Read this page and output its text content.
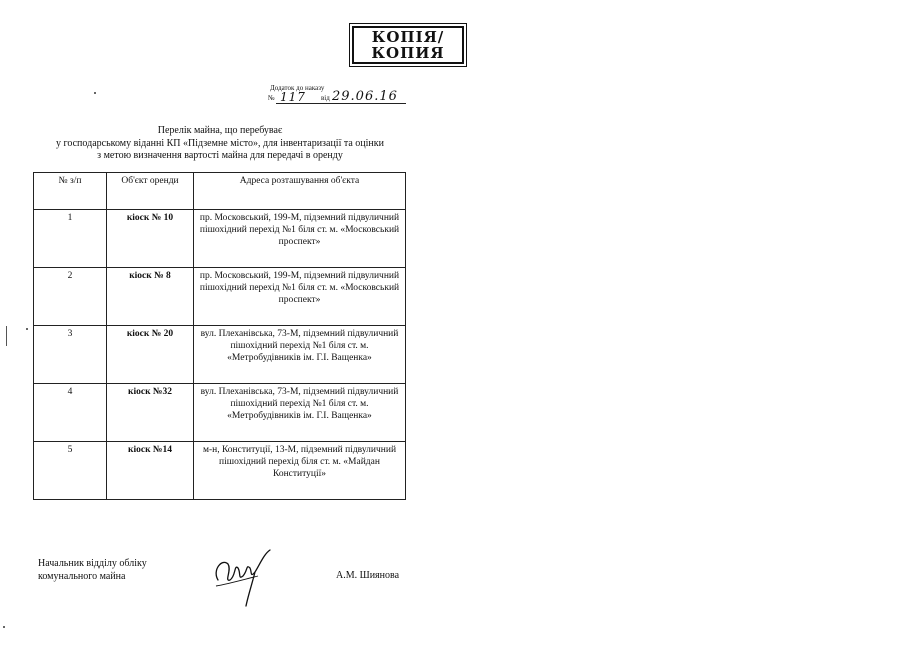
КОПІЯ/
КОПИЯ
Додаток до наказу
№ 117 від 29.06.16
Перелік майна, що перебуває
у господарському віданні КП «Підземне місто», для інвентаризації та оцінки
з метою визначення вартості майна для передачі в оренду
№ з/п	Об'єкт оренди	Адреса розташування об'єкта
1	кіоск № 10	пр. Московський, 199-М, підземний підвуличний пішохідний перехід №1 біля ст. м. «Московський проспект»
2	кіоск № 8	пр. Московський, 199-М, підземний підвуличний пішохідний перехід №1 біля ст. м. «Московський проспект»
3	кіоск № 20	вул. Плеханівська, 73-М, підземний підвуличний пішохідний перехід №1 біля ст. м. «Метробудівників ім. Г.І. Ващенка»
4	кіоск №32	вул. Плеханівська, 73-М, підземний підвуличний пішохідний перехід №1 біля ст. м. «Метробудівників ім. Г.І. Ващенка»
5	кіоск №14	м-н, Конституції, 13-М, підземний підвуличний пішохідний перехід біля ст. м. «Майдан Конституції»
Начальник відділу обліку
комунального майна	А.М. Шиянова
